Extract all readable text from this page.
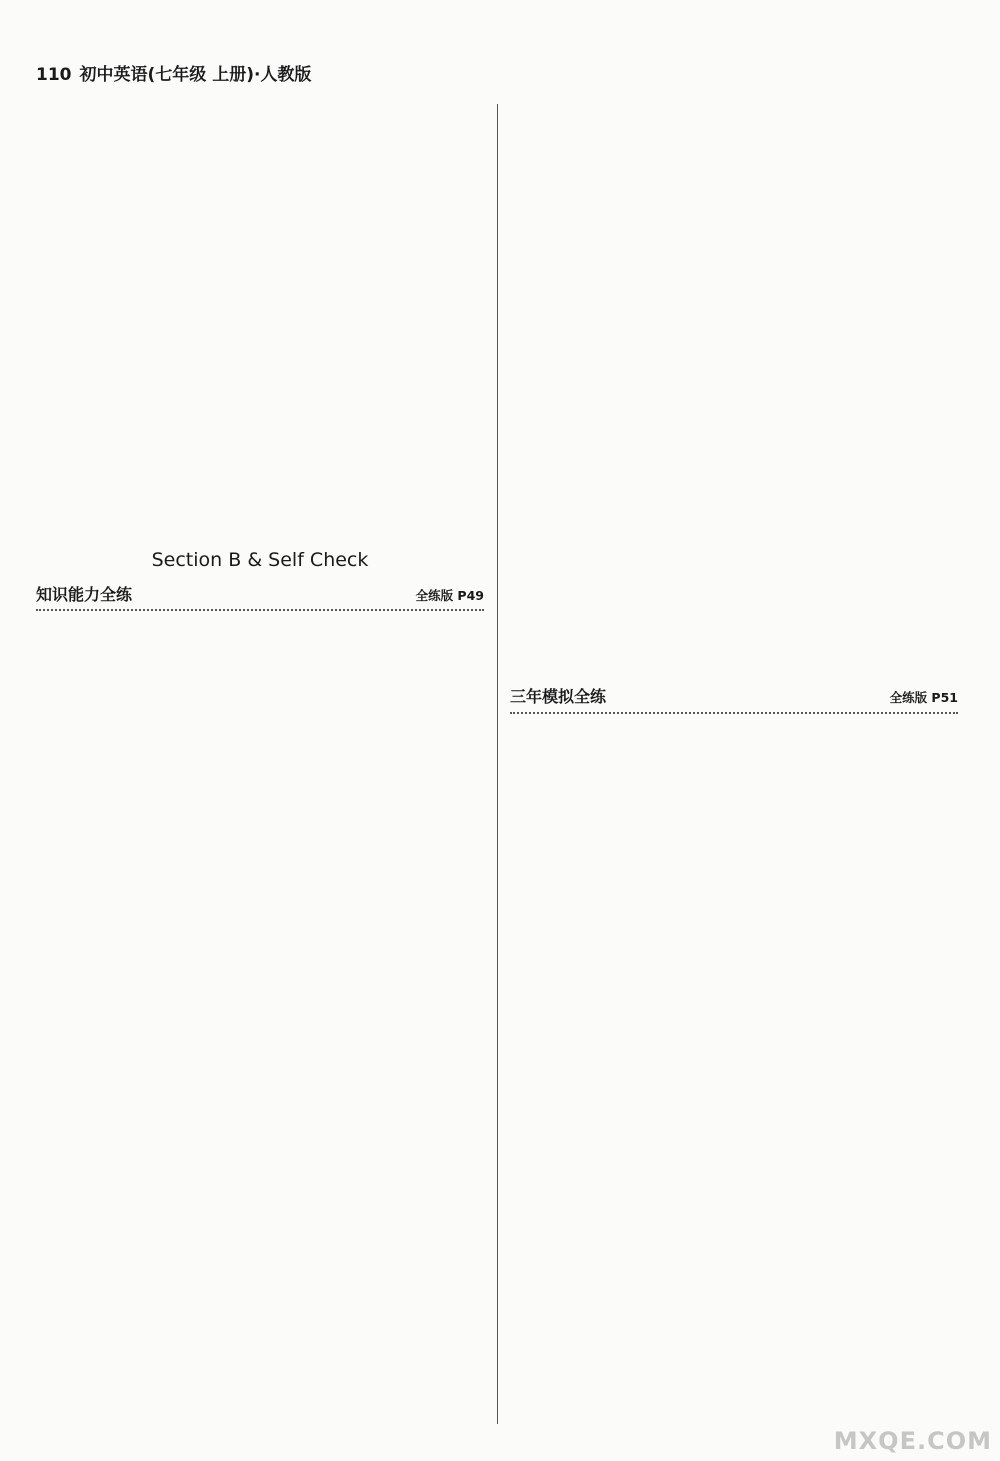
110 初中英语(七年级 上册)·人教版

Section B & Self Check
知识能力全练	全练版 P49

三年模拟全练	全练版 P51

MXQE.COM
